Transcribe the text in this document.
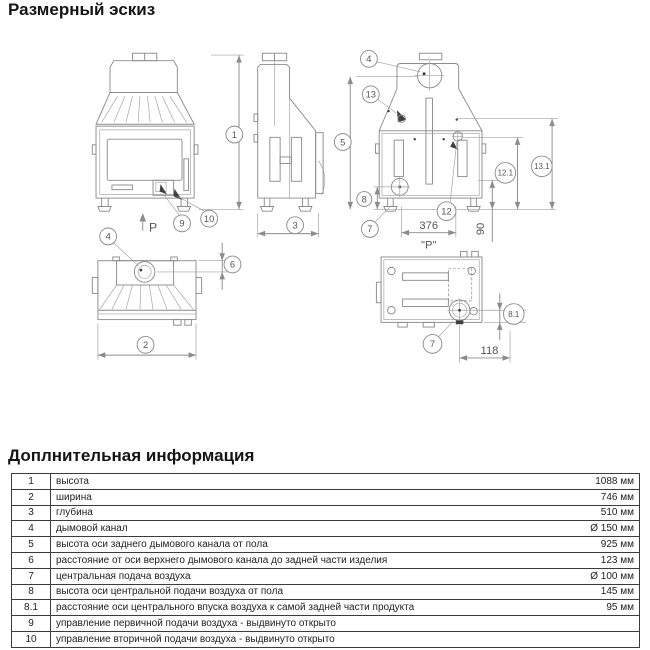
Размерный эскиз
P 9 10
1
3
5
4
13
8
7
12
376	90
12.1
13.1
4
6
2
"P"
7
8.1
118
Доплнительная информация
1	высота	1088 мм
2	ширина	746 мм
3	глубина	510 мм
4	дымовой канал	Ø 150 мм
5	высота оси заднего дымового канала от пола	925 мм
6	расстояние от оси верхнего дымового канала до задней части изделия	123 мм
7	центральная подача воздуха	Ø 100 мм
8	высота оси центральной подачи воздуха от пола	145 мм
8.1	расстояние оси центрального впуска воздуха к самой задней части продукта	95 мм
9	управление первичной подачи воздуха - выдвинуто открыто
10	управление вторичной подачи воздуха - выдвинуто открыто
